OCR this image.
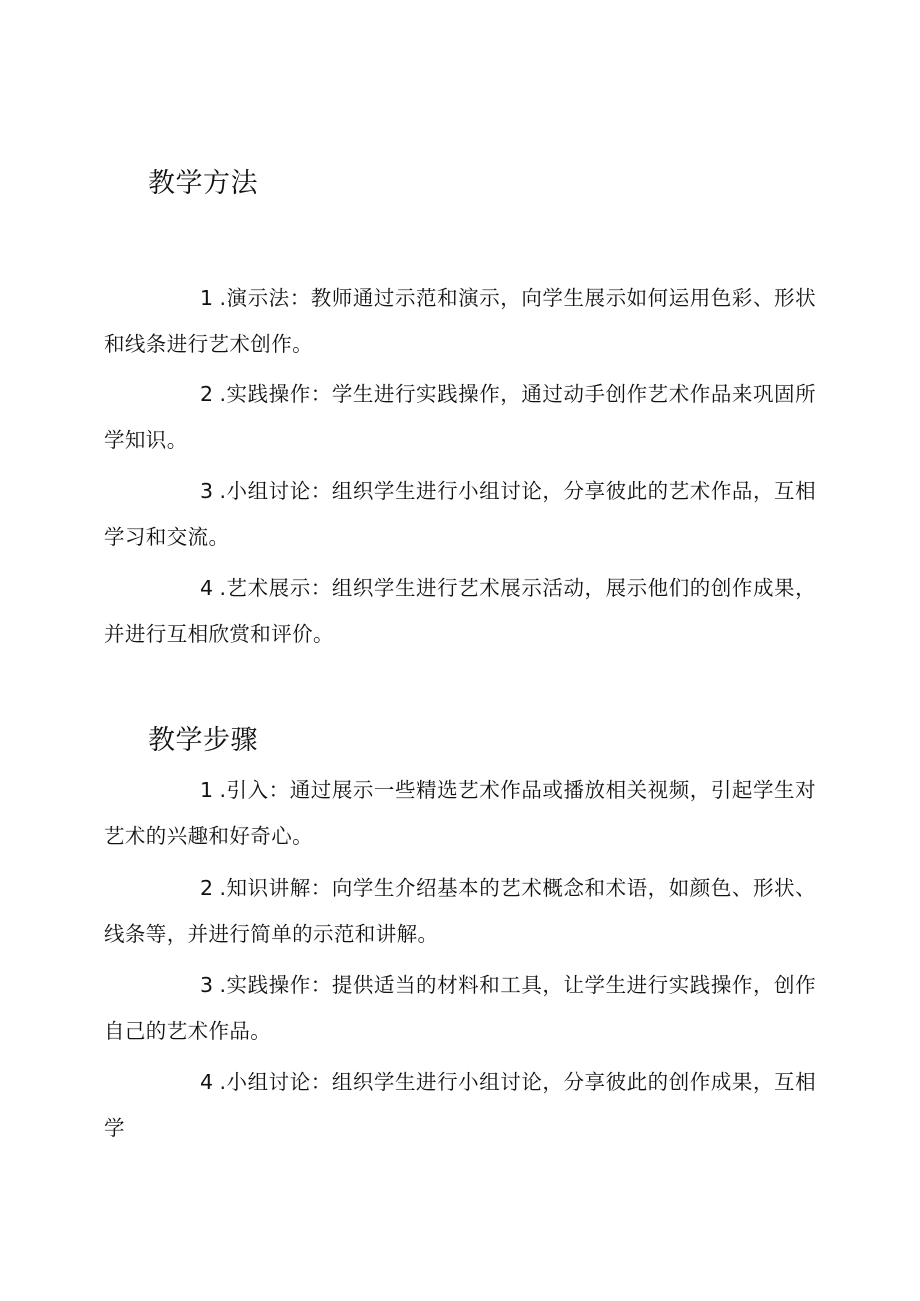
教学方法

1 .演示法：教师通过示范和演示，向学生展示如何运用色彩、形状和线条进行艺术创作。

2 .实践操作：学生进行实践操作，通过动手创作艺术作品来巩固所学知识。

3 .小组讨论：组织学生进行小组讨论，分享彼此的艺术作品，互相学习和交流。

4 .艺术展示：组织学生进行艺术展示活动，展示他们的创作成果，并进行互相欣赏和评价。

教学步骤

1 .引入：通过展示一些精选艺术作品或播放相关视频，引起学生对艺术的兴趣和好奇心。

2 .知识讲解：向学生介绍基本的艺术概念和术语，如颜色、形状、线条等，并进行简单的示范和讲解。

3 .实践操作：提供适当的材料和工具，让学生进行实践操作，创作自己的艺术作品。

4 .小组讨论：组织学生进行小组讨论，分享彼此的创作成果，互相学
